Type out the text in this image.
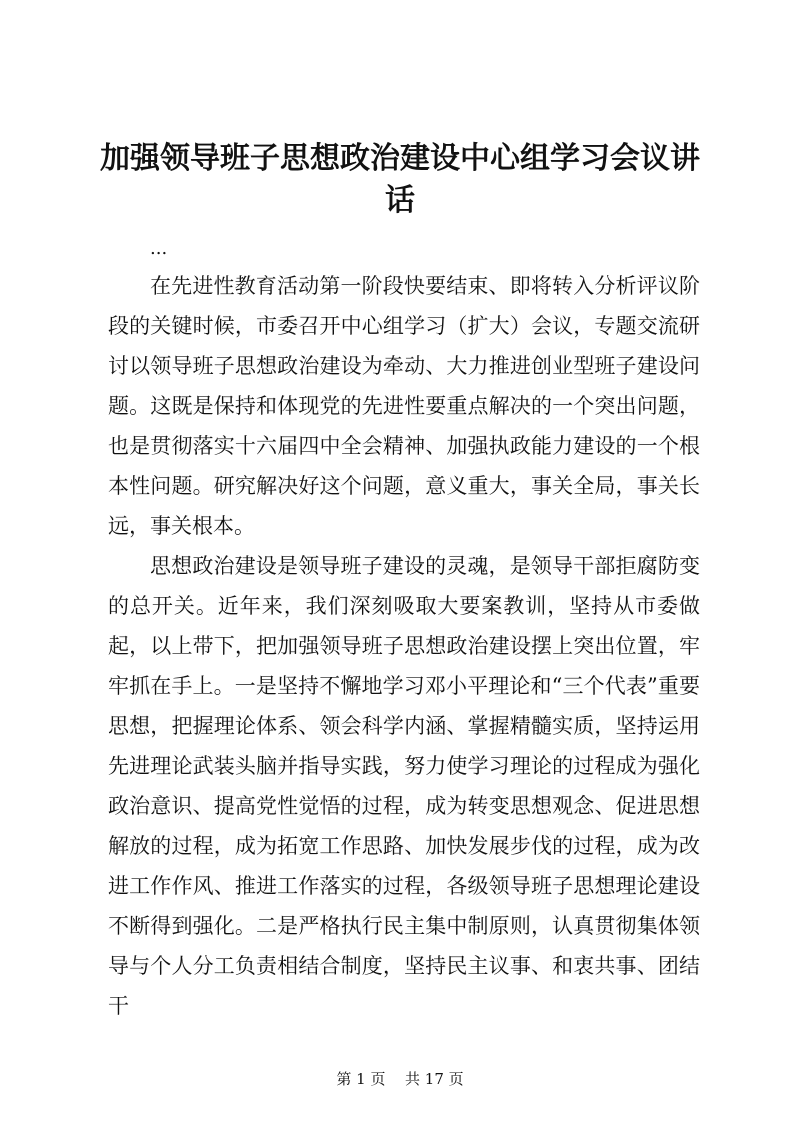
加强领导班子思想政治建设中心组学习会议讲话
...

在先进性教育活动第一阶段快要结束、即将转入分析评议阶段的关键时候，市委召开中心组学习（扩大）会议，专题交流研讨以领导班子思想政治建设为牵动、大力推进创业型班子建设问题。这既是保持和体现党的先进性要重点解决的一个突出问题，也是贯彻落实十六届四中全会精神、加强执政能力建设的一个根本性问题。研究解决好这个问题，意义重大，事关全局，事关长远，事关根本。

思想政治建设是领导班子建设的灵魂，是领导干部拒腐防变的总开关。近年来，我们深刻吸取大要案教训，坚持从市委做起，以上带下，把加强领导班子思想政治建设摆上突出位置，牢牢抓在手上。一是坚持不懈地学习邓小平理论和“三个代表”重要思想，把握理论体系、领会科学内涵、掌握精髓实质，坚持运用先进理论武装头脑并指导实践，努力使学习理论的过程成为强化政治意识、提高党性觉悟的过程，成为转变思想观念、促进思想解放的过程，成为拓宽工作思路、加快发展步伐的过程，成为改进工作作风、推进工作落实的过程，各级领导班子思想理论建设不断得到强化。二是严格执行民主集中制原则，认真贯彻集体领导与个人分工负责相结合制度，坚持民主议事、和衷共事、团结干

第 1 页 共 17 页
